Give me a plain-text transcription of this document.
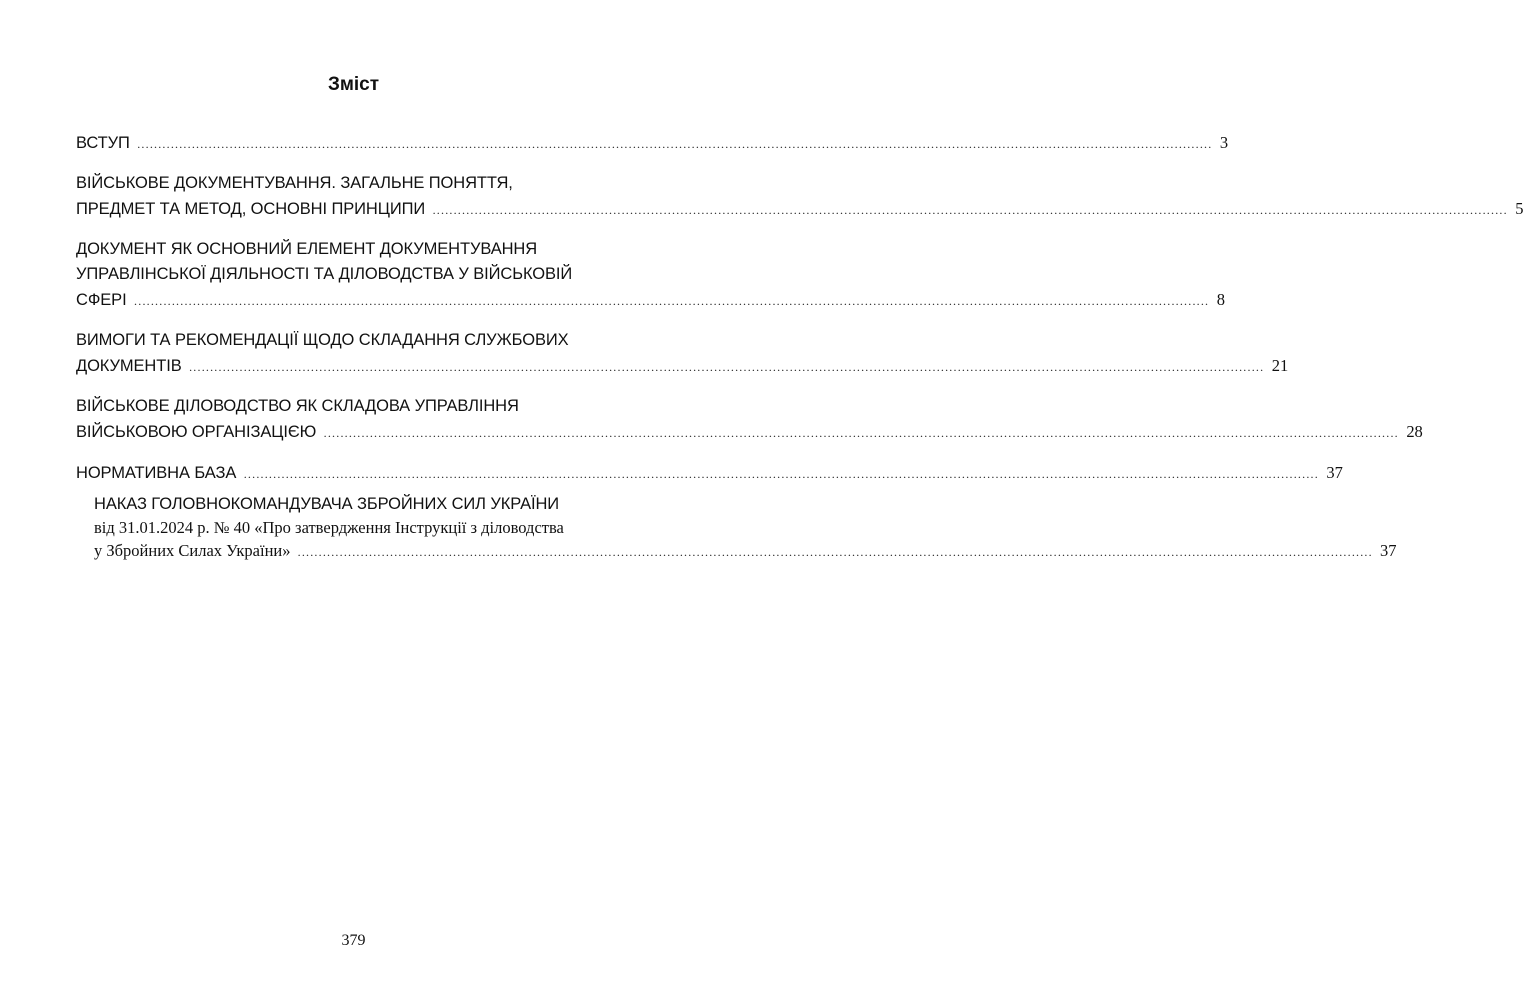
Зміст
ВСТУП .....	3
ВІЙСЬКОВЕ ДОКУМЕНТУВАННЯ. ЗАГАЛЬНЕ ПОНЯТТЯ,
ПРЕДМЕТ ТА МЕТОД, ОСНОВНІ ПРИНЦИПИ .....	5
ДОКУМЕНТ ЯК ОСНОВНИЙ ЕЛЕМЕНТ ДОКУМЕНТУВАННЯ
УПРАВЛІНСЬКОЇ ДІЯЛЬНОСТІ ТА ДІЛОВОДСТВА У ВІЙСЬКОВІЙ
СФЕРІ .....	8
ВИМОГИ ТА РЕКОМЕНДАЦІЇ ЩОДО СКЛАДАННЯ СЛУЖБОВИХ
ДОКУМЕНТІВ .....	21
ВІЙСЬКОВЕ ДІЛОВОДСТВО ЯК СКЛАДОВА УПРАВЛІННЯ
ВІЙСЬКОВОЮ ОРГАНІЗАЦІЄЮ .....	28
НОРМАТИВНА БАЗА .....	37
НАКАЗ ГОЛОВНОКОМАНДУВАЧА ЗБРОЙНИХ СИЛ УКРАЇНИ
від 31.01.2024 р. № 40 «Про затвердження Інструкції з діловодства
у Збройних Силах України» .....	37
379
